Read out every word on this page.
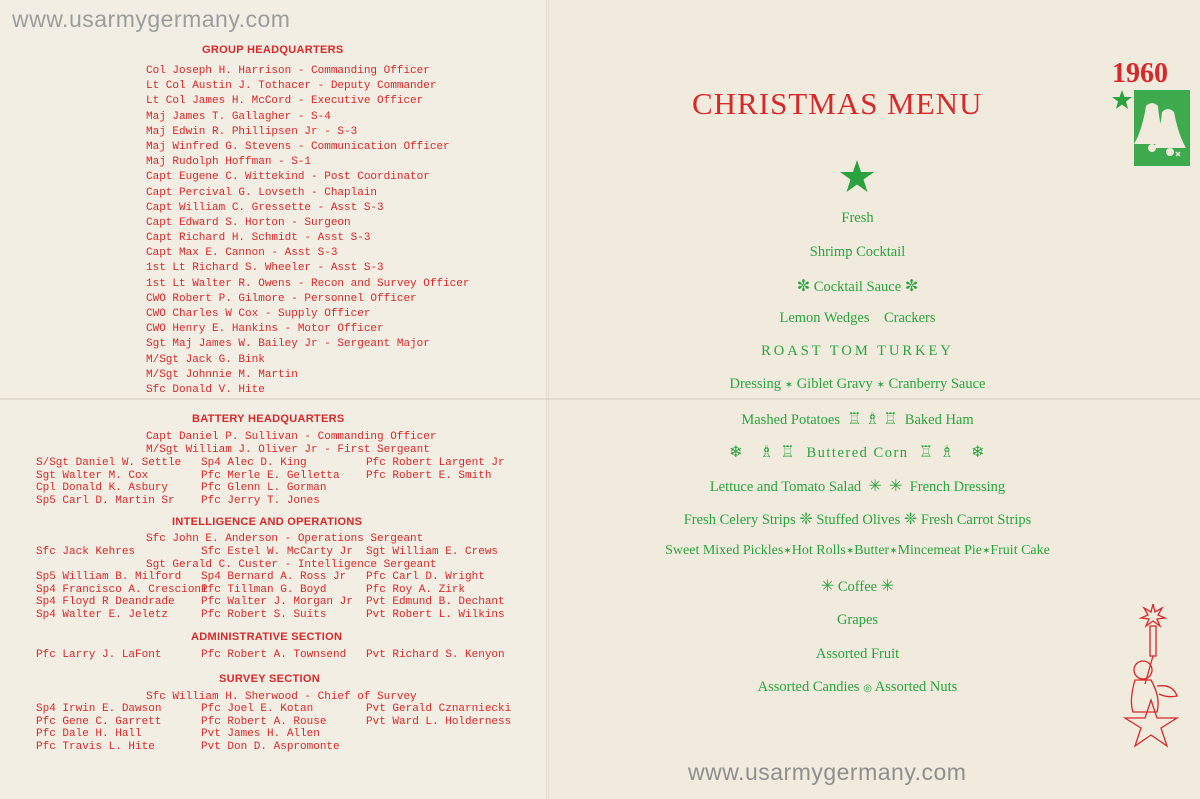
www.usarmygermany.com
GROUP HEADQUARTERS
Col Joseph H. Harrison - Commanding Officer
Lt Col Austin J. Tothacer - Deputy Commander
Lt Col James H. McCord - Executive Officer
Maj James T. Gallagher - S-4
Maj Edwin R. Phillipsen Jr - S-3
Maj Winfred G. Stevens - Communication Officer
Maj Rudolph Hoffman - S-1
Capt Eugene C. Wittekind - Post Coordinator
Capt Percival G. Lovseth - Chaplain
Capt William C. Gressette - Asst S-3
Capt Edward S. Horton - Surgeon
Capt Richard H. Schmidt - Asst S-3
Capt Max E. Cannon - Asst S-3
1st Lt Richard S. Wheeler - Asst S-3
1st Lt Walter R. Owens - Recon and Survey Officer
CWO Robert P. Gilmore - Personnel Officer
CWO Charles W Cox - Supply Officer
CWO Henry E. Hankins - Motor Officer
Sgt Maj James W. Bailey Jr - Sergeant Major
M/Sgt Jack G. Bink
M/Sgt Johnnie M. Martin
Sfc Donald V. Hite
BATTERY HEADQUARTERS
Capt Daniel P. Sullivan - Commanding Officer
M/Sgt William J. Oliver Jr - First Sergeant
S/Sgt Daniel W. Settle
Sgt Walter M. Cox
Cpl Donald K. Asbury
Sp5 Carl D. Martin Sr
Sp4 Alec D. King
Pfc Merle E. Gelletta
Pfc Glenn L. Gorman
Pfc Jerry T. Jones
Pfc Robert Largent Jr
Pfc Robert E. Smith
INTELLIGENCE AND OPERATIONS
Sfc John E. Anderson - Operations Sergeant
Sfc Jack Kehres	Sfc Estel W. McCarty Jr Sgt William E. Crews
Sgt Gerald C. Custer - Intelligence Sergeant
Sp5 William B. Milford
Sp4 Francisco A. Crescioni
Sp4 Floyd R Deandrade
Sp4 Walter E. Jeletz
Sp4 Bernard A. Ross Jr
Pfc Tillman G. Boyd
Pfc Walter J. Morgan Jr
Pfc Robert S. Suits
Pfc Carl D. Wright
Pfc Roy A. Zirk
Pvt Edmund B. Dechant
Pvt Robert L. Wilkins
ADMINISTRATIVE SECTION
Pfc Larry J. LaFont	Pfc Robert A. Townsend Pvt Richard S. Kenyon
SURVEY SECTION
Sfc William H. Sherwood - Chief of Survey
Sp4 Irwin E. Dawson
Pfc Gene C. Garrett
Pfc Dale H. Hall
Pfc Travis L. Hite
Pfc Joel E. Kotan
Pfc Robert A. Rouse
Pvt James H. Allen
Pvt Don D. Aspromonte
Pvt Gerald Cznarniecki
Pvt Ward L. Holderness
1960
CHRISTMAS MENU
Fresh
Shrimp Cocktail
✼ Cocktail Sauce ✼
Lemon Wedges Crackers
ROAST TOM TURKEY
Dressing ✶ Giblet Gravy ✶ Cranberry Sauce
Mashed Potatoes ♖ ♗ ♖ Baked Ham
❄ ♗ ♖ Buttered Corn ♖ ♗ ❄
Lettuce and Tomato Salad ✳ ✳ French Dressing
Fresh Celery Strips ❈ Stuffed Olives ❈ Fresh Carrot Strips
Sweet Mixed Pickles✶Hot Rolls✶Butter✶Mincemeat Pie✶Fruit Cake
✳ Coffee ✳
Grapes
Assorted Fruit
Assorted Candies ◎ Assorted Nuts
www.usarmygermany.com
